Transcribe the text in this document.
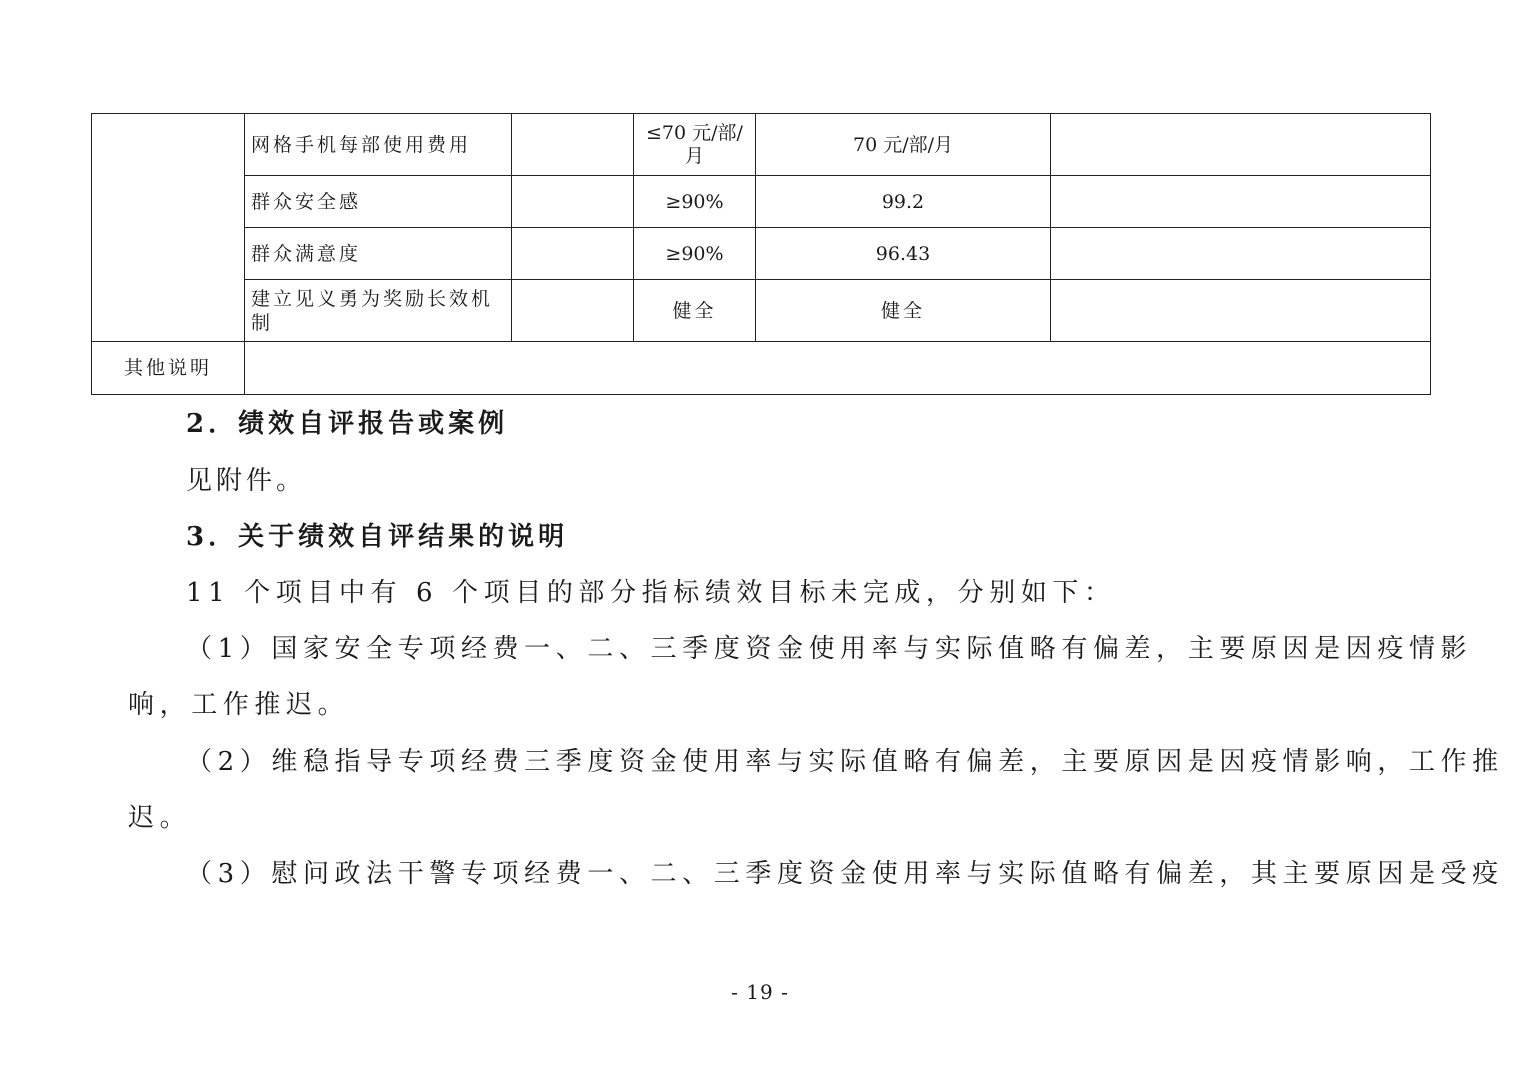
	网格手机每部使用费用		≤70 元/部/月	70 元/部/月	
	群众安全感		≥90%	99.2	
	群众满意度		≥90%	96.43	
	建立见义勇为奖励长效机制		健全	健全	
其他说明					
2．绩效自评报告或案例
见附件。
3．关于绩效自评结果的说明
11 个项目中有 6 个项目的部分指标绩效目标未完成，分别如下：
（1）国家安全专项经费一、二、三季度资金使用率与实际值略有偏差，主要原因是因疫情影
响，工作推迟。
（2）维稳指导专项经费三季度资金使用率与实际值略有偏差，主要原因是因疫情影响，工作推
迟。
（3）慰问政法干警专项经费一、二、三季度资金使用率与实际值略有偏差，其主要原因是受疫
- 19 -
